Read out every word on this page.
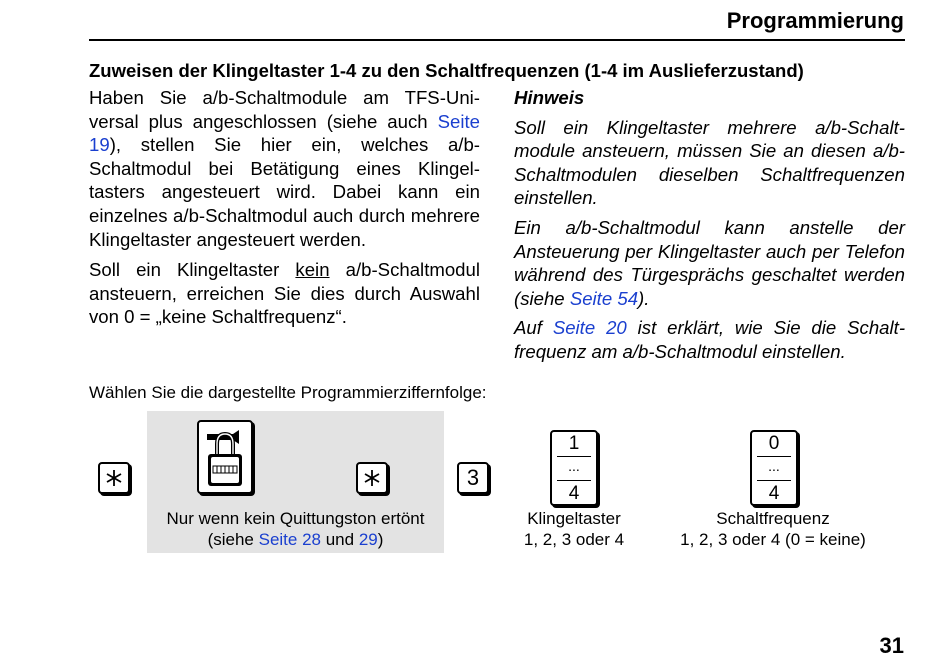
Programmierung
Zuweisen der Klingeltaster 1-4 zu den Schaltfrequenzen (1-4 im Auslieferzustand)

Haben Sie a/b-Schaltmodule am TFS-Universal plus angeschlossen (siehe auch Seite 19), stellen Sie hier ein, welches a/b-Schaltmodul bei Betätigung eines Klingeltasters angesteuert wird. Dabei kann ein einzelnes a/b-Schaltmodul auch durch mehrere Klingeltaster angesteuert werden.

Soll ein Klingeltaster kein a/b-Schaltmodul ansteuern, erreichen Sie dies durch Auswahl von 0 = „keine Schaltfrequenz“.

Hinweis

Soll ein Klingeltaster mehrere a/b-Schaltmodule ansteuern, müssen Sie an diesen a/b-Schaltmodulen dieselben Schaltfrequenzen einstellen.

Ein a/b-Schaltmodul kann anstelle der Ansteuerung per Klingeltaster auch per Telefon während des Türgesprächs geschaltet werden (siehe Seite 54).

Auf Seite 20 ist erklärt, wie Sie die Schaltfrequenz am a/b-Schaltmodul einstellen.

Wählen Sie die dargestellte Programmierziffernfolge:
3
1
...
4
0
...
4
Nur wenn kein Quittungston ertönt
(siehe Seite 28 und 29)
Klingeltaster
1, 2, 3 oder 4
Schaltfrequenz
1, 2, 3 oder 4 (0 = keine)
31
